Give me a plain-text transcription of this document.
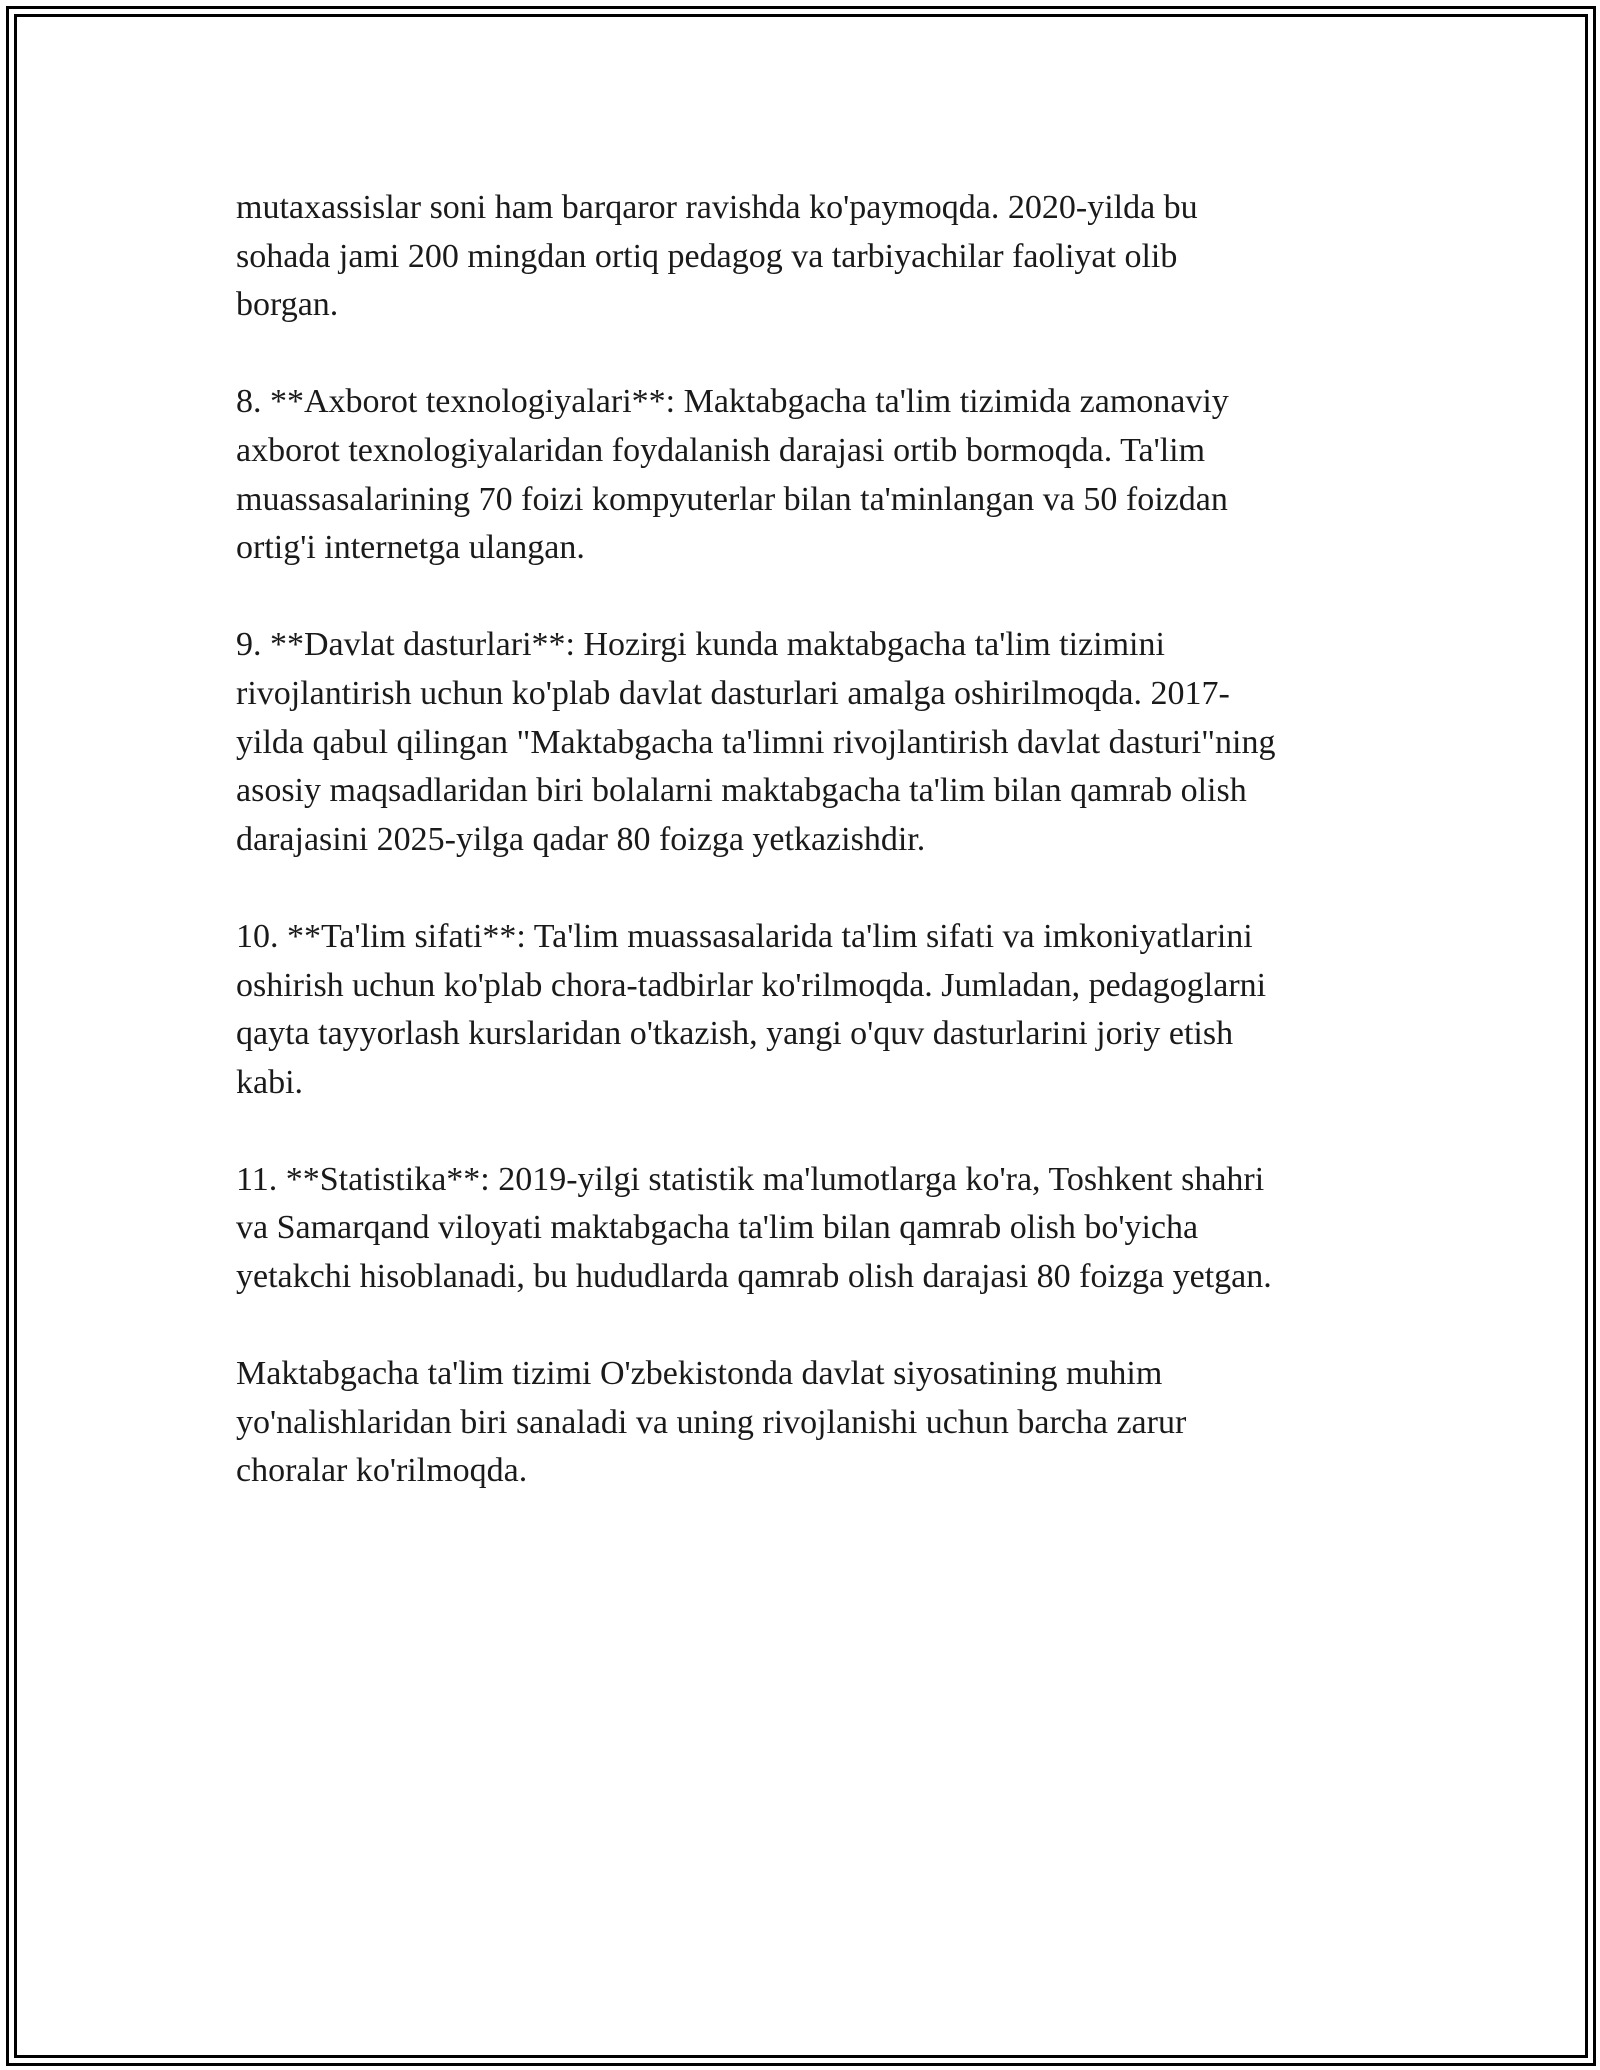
mutaxassislar soni ham barqaror ravishda ko'paymoqda. 2020-yilda bu
sohada jami 200 mingdan ortiq pedagog va tarbiyachilar faoliyat olib
borgan.

8. **Axborot texnologiyalari**: Maktabgacha ta'lim tizimida zamonaviy
axborot texnologiyalaridan foydalanish darajasi ortib bormoqda. Ta'lim
muassasalarining 70 foizi kompyuterlar bilan ta'minlangan va 50 foizdan
ortig'i internetga ulangan.

9. **Davlat dasturlari**: Hozirgi kunda maktabgacha ta'lim tizimini
rivojlantirish uchun ko'plab davlat dasturlari amalga oshirilmoqda. 2017-
yilda qabul qilingan "Maktabgacha ta'limni rivojlantirish davlat dasturi"ning
asosiy maqsadlaridan biri bolalarni maktabgacha ta'lim bilan qamrab olish
darajasini 2025-yilga qadar 80 foizga yetkazishdir.

10. **Ta'lim sifati**: Ta'lim muassasalarida ta'lim sifati va imkoniyatlarini
oshirish uchun ko'plab chora-tadbirlar ko'rilmoqda. Jumladan, pedagoglarni
qayta tayyorlash kurslaridan o'tkazish, yangi o'quv dasturlarini joriy etish
kabi.

11. **Statistika**: 2019-yilgi statistik ma'lumotlarga ko'ra, Toshkent shahri
va Samarqand viloyati maktabgacha ta'lim bilan qamrab olish bo'yicha
yetakchi hisoblanadi, bu hududlarda qamrab olish darajasi 80 foizga yetgan.

Maktabgacha ta'lim tizimi O'zbekistonda davlat siyosatining muhim
yo'nalishlaridan biri sanaladi va uning rivojlanishi uchun barcha zarur
choralar ko'rilmoqda.
